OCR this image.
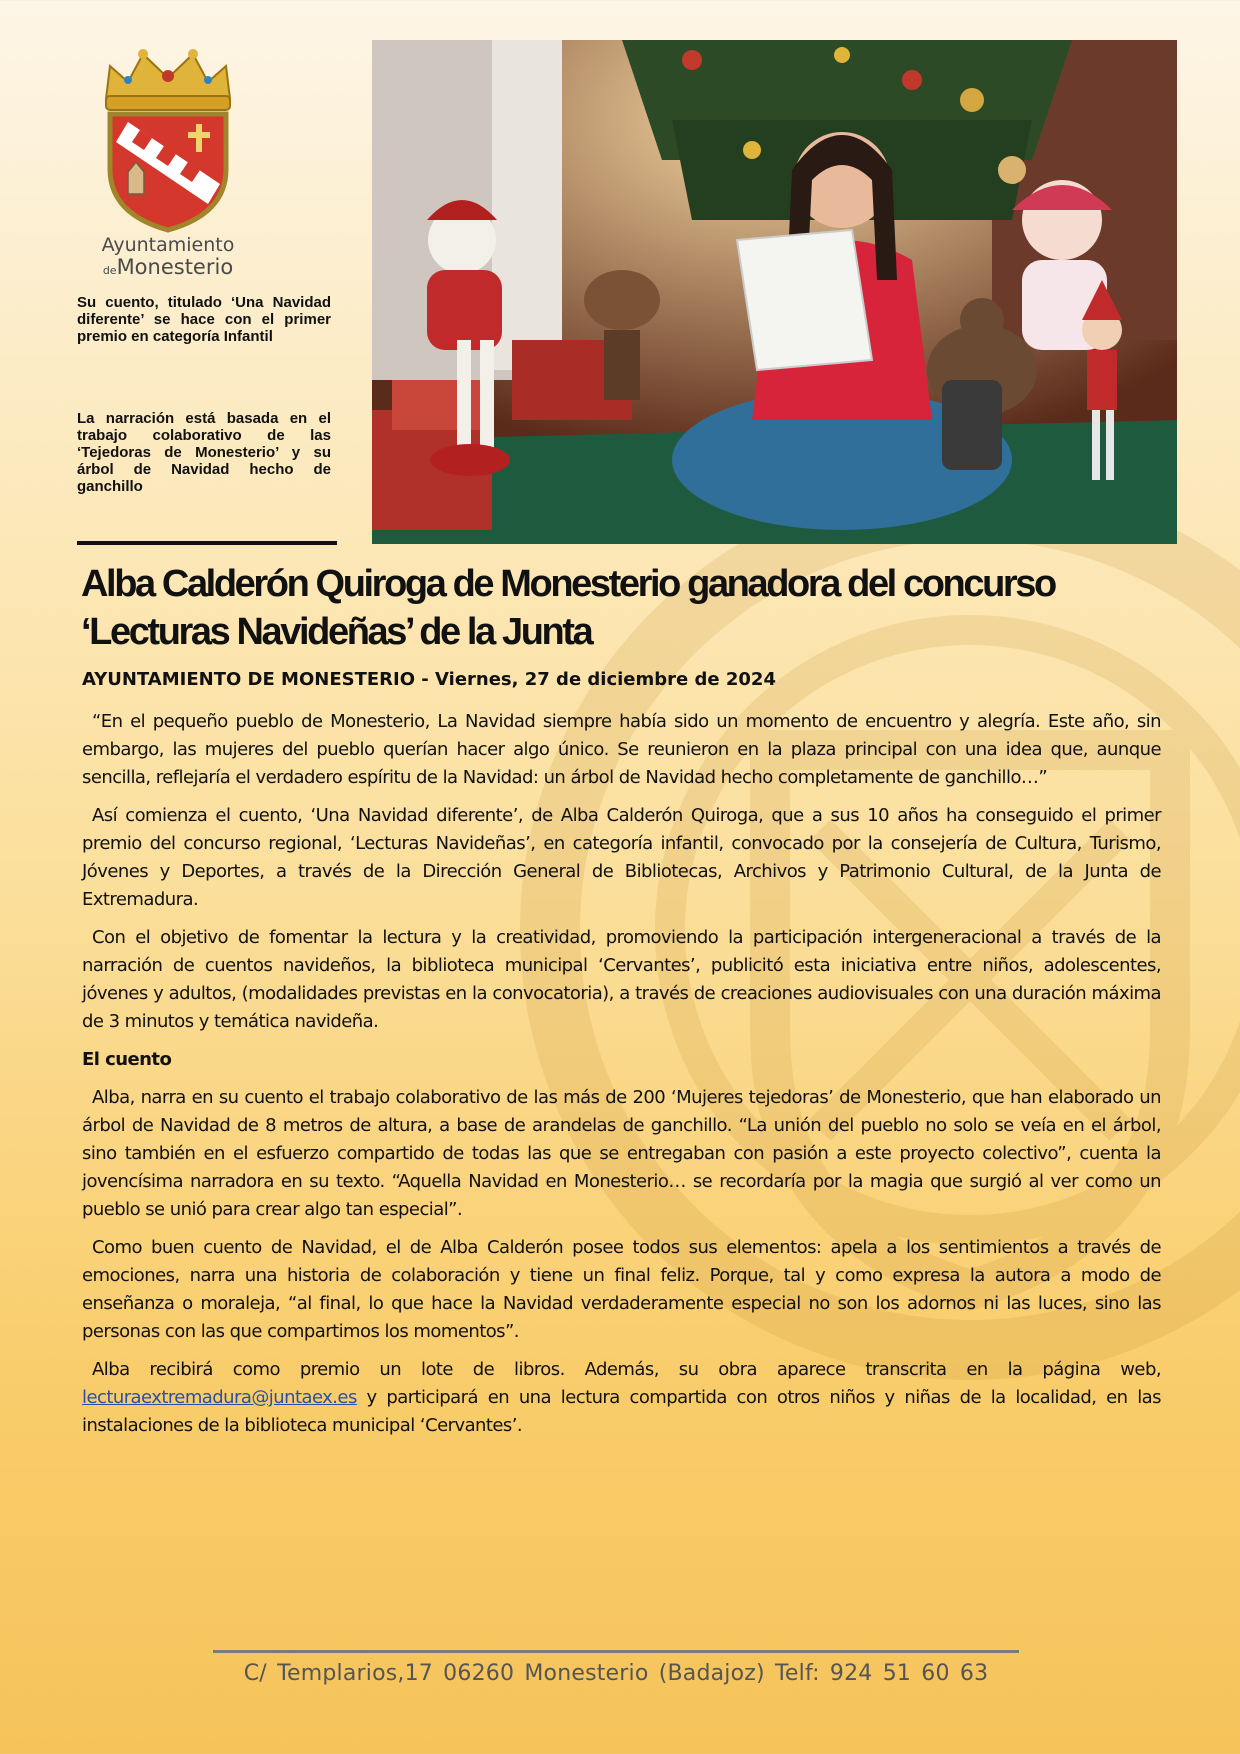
Ayuntamiento
deMonesterio
Su cuento, titulado ‘Una Navidad diferente’ se hace con el primer premio en categoría Infantil
La narración está basada en el trabajo colaborativo de las ‘Tejedoras de Monesterio’ y su árbol de Navidad hecho de ganchillo
Alba Calderón Quiroga de Monesterio ganadora del concurso ‘Lecturas Navideñas’ de la Junta
AYUNTAMIENTO DE MONESTERIO - Viernes, 27 de diciembre de 2024

“En el pequeño pueblo de Monesterio, La Navidad siempre había sido un momento de encuentro y alegría. Este año, sin embargo, las mujeres del pueblo querían hacer algo único. Se reunieron en la plaza principal con una idea que, aunque sencilla, reflejaría el verdadero espíritu de la Navidad: un árbol de Navidad hecho completamente de ganchillo…”

Así comienza el cuento, ‘Una Navidad diferente’, de Alba Calderón Quiroga, que a sus 10 años ha conseguido el primer premio del concurso regional, ‘Lecturas Navideñas’, en categoría infantil, convocado por la consejería de Cultura, Turismo, Jóvenes y Deportes, a través de la Dirección General de Bibliotecas, Archivos y Patrimonio Cultural, de la Junta de Extremadura.

Con el objetivo de fomentar la lectura y la creatividad, promoviendo la participación intergeneracional a través de la narración de cuentos navideños, la biblioteca municipal ‘Cervantes’, publicitó esta iniciativa entre niños, adolescentes, jóvenes y adultos, (modalidades previstas en la convocatoria), a través de creaciones audiovisuales con una duración máxima de 3 minutos y temática navideña.

El cuento

Alba, narra en su cuento el trabajo colaborativo de las más de 200 ‘Mujeres tejedoras’ de Monesterio, que han elaborado un árbol de Navidad de 8 metros de altura, a base de arandelas de ganchillo. “La unión del pueblo no solo se veía en el árbol, sino también en el esfuerzo compartido de todas las que se entregaban con pasión a este proyecto colectivo”, cuenta la jovencísima narradora en su texto. “Aquella Navidad en Monesterio… se recordaría por la magia que surgió al ver como un pueblo se unió para crear algo tan especial”.

Como buen cuento de Navidad, el de Alba Calderón posee todos sus elementos: apela a los sentimientos a través de emociones, narra una historia de colaboración y tiene un final feliz. Porque, tal y como expresa la autora a modo de enseñanza o moraleja, “al final, lo que hace la Navidad verdaderamente especial no son los adornos ni las luces, sino las personas con las que compartimos los momentos”.

Alba recibirá como premio un lote de libros. Además, su obra aparece transcrita en la página web, lecturaextremadura@juntaex.es y participará en una lectura compartida con otros niños y niñas de la localidad, en las instalaciones de la biblioteca municipal ‘Cervantes’.

C/ Templarios,17 06260 Monesterio (Badajoz) Telf: 924 51 60 63
